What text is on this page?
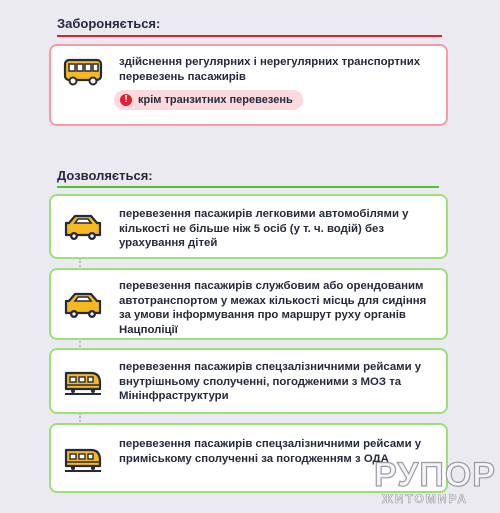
Забороняється:
здійснення регулярних і нерегулярних транспортних перевезень пасажирів
! крім транзитних перевезень
Дозволяється:
перевезення пасажирів легковими автомобілями у кількості не більше ніж 5 осіб (у т. ч. водій) без урахування дітей
перевезення пасажирів службовим або орендованим автотранспортом у межах кількості місць для сидіння за умови інформування про маршрут руху органів Нацполіції
перевезення пасажирів спецзалізничними рейсами у внутрішньому сполученні, погодженими з МОЗ та Мінінфраструктури
перевезення пасажирів спецзалізничними рейсами у приміському сполученні за погодженням з ОДА
РУПОР
ЖИТОМИРА
